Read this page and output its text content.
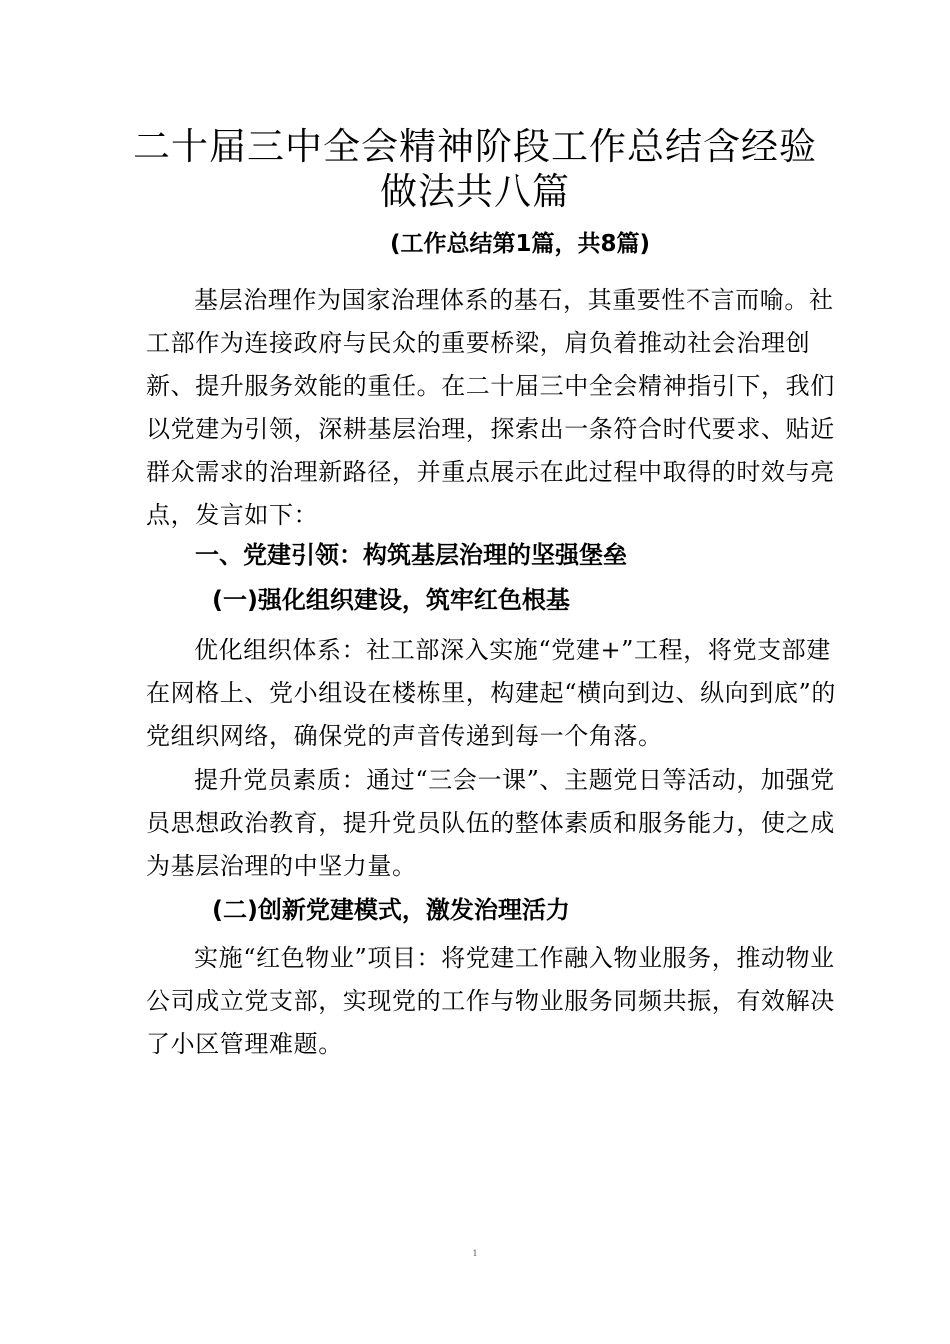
二十届三中全会精神阶段工作总结含经验
做法共八篇

(工作总结第1篇，共8篇)

基层治理作为国家治理体系的基石，其重要性不言而喻。社工部作为连接政府与民众的重要桥梁，肩负着推动社会治理创新、提升服务效能的重任。在二十届三中全会精神指引下，我们以党建为引领，深耕基层治理，探索出一条符合时代要求、贴近群众需求的治理新路径，并重点展示在此过程中取得的时效与亮点，发言如下：

一、党建引领：构筑基层治理的坚强堡垒

(一)强化组织建设，筑牢红色根基

优化组织体系：社工部深入实施“党建+”工程，将党支部建在网格上、党小组设在楼栋里，构建起“横向到边、纵向到底”的党组织网络，确保党的声音传递到每一个角落。

提升党员素质：通过“三会一课”、主题党日等活动，加强党员思想政治教育，提升党员队伍的整体素质和服务能力，使之成为基层治理的中坚力量。

(二)创新党建模式，激发治理活力

实施“红色物业”项目：将党建工作融入物业服务，推动物业公司成立党支部，实现党的工作与物业服务同频共振，有效解决了小区管理难题。

1
